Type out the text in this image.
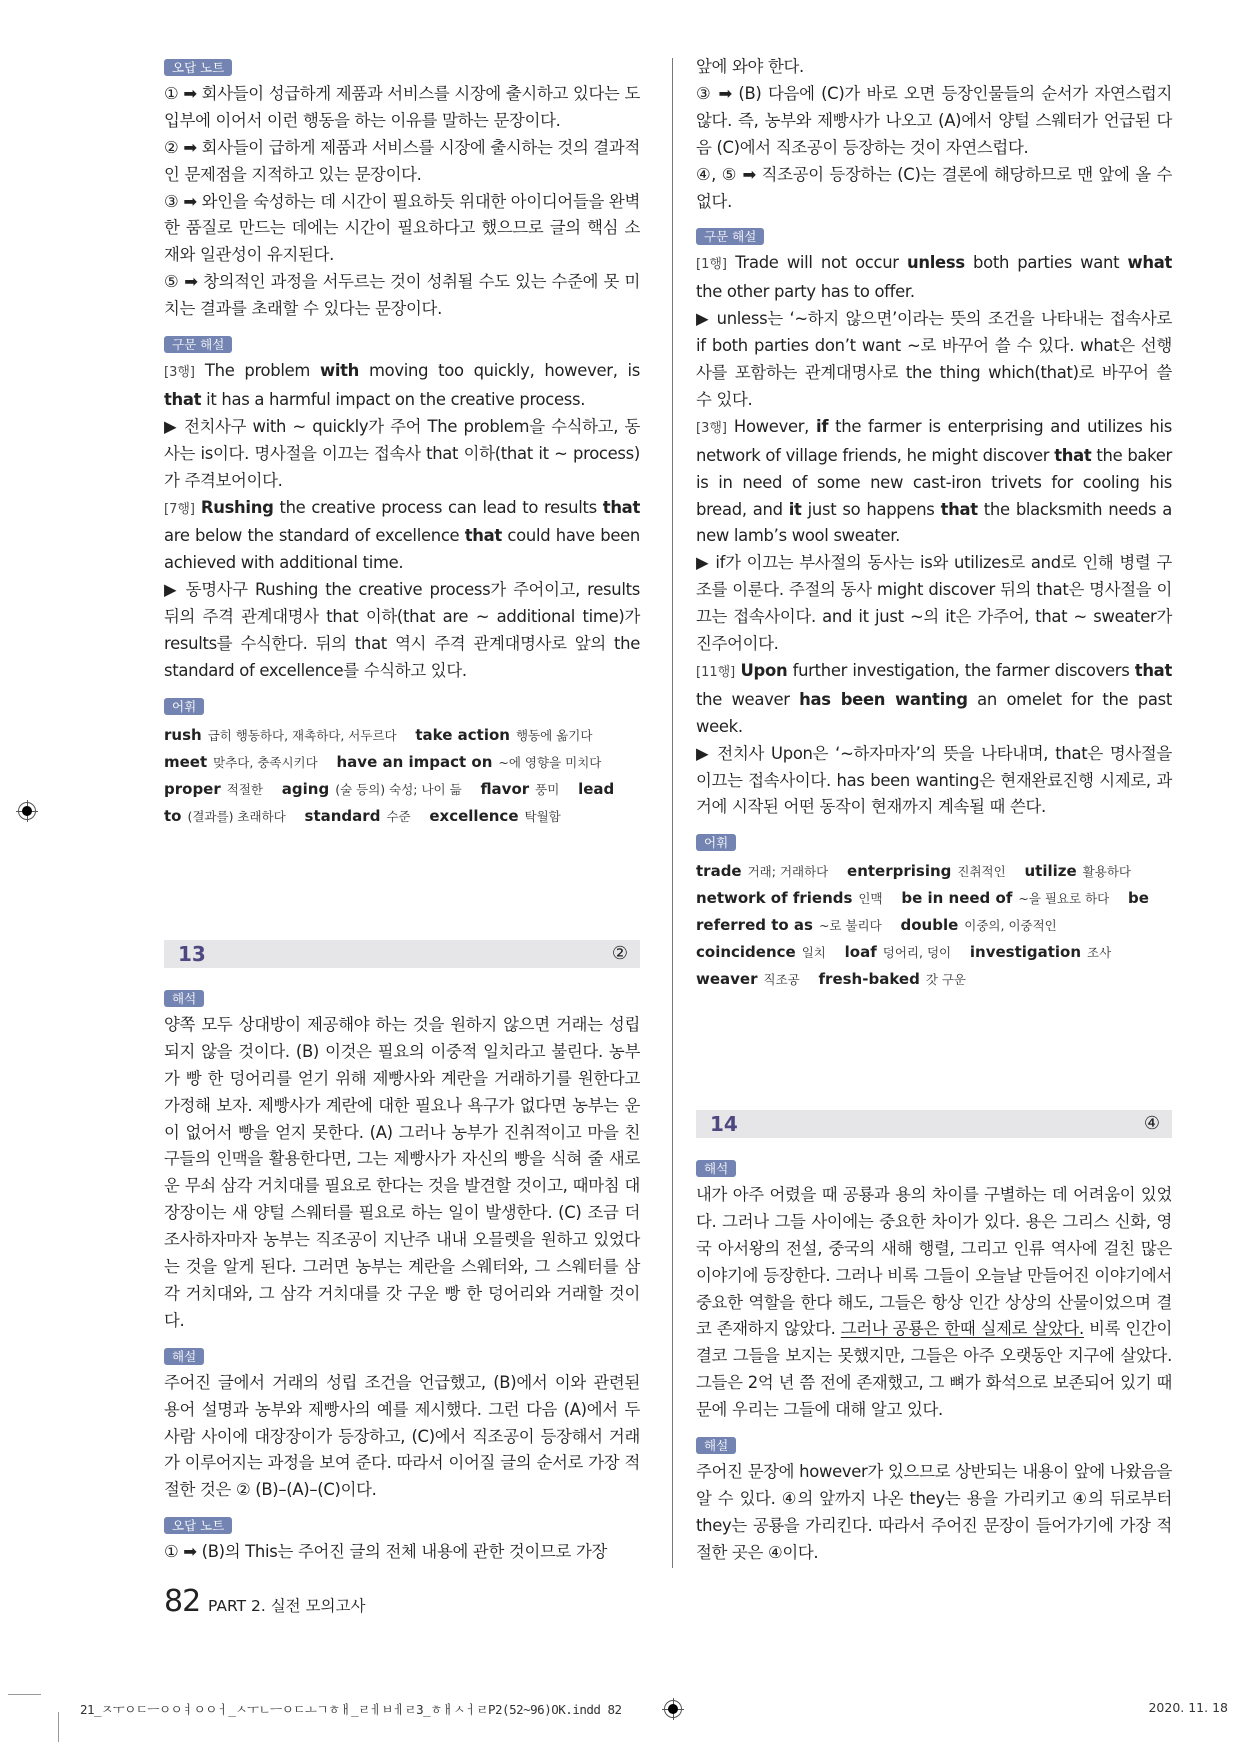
오답 노트

① ➡ 회사들이 성급하게 제품과 서비스를 시장에 출시하고 있다는 도입부에 이어서 이런 행동을 하는 이유를 말하는 문장이다.

② ➡ 회사들이 급하게 제품과 서비스를 시장에 출시하는 것의 결과적인 문제점을 지적하고 있는 문장이다.

③ ➡ 와인을 숙성하는 데 시간이 필요하듯 위대한 아이디어들을 완벽한 품질로 만드는 데에는 시간이 필요하다고 했으므로 글의 핵심 소재와 일관성이 유지된다.

⑤ ➡ 창의적인 과정을 서두르는 것이 성취될 수도 있는 수준에 못 미치는 결과를 초래할 수 있다는 문장이다.

구문 해설

[3행] The problem with moving too quickly, however, is that it has a harmful impact on the creative process.

▶ 전치사구 with ~ quickly가 주어 The problem을 수식하고, 동사는 is이다. 명사절을 이끄는 접속사 that 이하(that it ~ process)가 주격보어이다.

[7행] Rushing the creative process can lead to results that are below the standard of excellence that could have been achieved with additional time.

▶ 동명사구 Rushing the creative process가 주어이고, results 뒤의 주격 관계대명사 that 이하(that are ~ additional time)가 results를 수식한다. 뒤의 that 역시 주격 관계대명사로 앞의 the standard of excellence를 수식하고 있다.

어휘
rush 급히 행동하다, 재촉하다, 서두르다 take action 행동에 옮기다 meet 맞추다, 충족시키다 have an impact on ~에 영향을 미치다 proper 적절한 aging (술 등의) 숙성; 나이 듦 flavor 풍미 lead to (결과를) 초래하다 standard 수준 excellence 탁월함
13	②
해석

양쪽 모두 상대방이 제공해야 하는 것을 원하지 않으면 거래는 성립되지 않을 것이다. (B) 이것은 필요의 이중적 일치라고 불린다. 농부가 빵 한 덩어리를 얻기 위해 제빵사와 계란을 거래하기를 원한다고 가정해 보자. 제빵사가 계란에 대한 필요나 욕구가 없다면 농부는 운이 없어서 빵을 얻지 못한다. (A) 그러나 농부가 진취적이고 마을 친구들의 인맥을 활용한다면, 그는 제빵사가 자신의 빵을 식혀 줄 새로운 무쇠 삼각 거치대를 필요로 한다는 것을 발견할 것이고, 때마침 대장장이는 새 양털 스웨터를 필요로 하는 일이 발생한다. (C) 조금 더 조사하자마자 농부는 직조공이 지난주 내내 오믈렛을 원하고 있었다는 것을 알게 된다. 그러면 농부는 계란을 스웨터와, 그 스웨터를 삼각 거치대와, 그 삼각 거치대를 갓 구운 빵 한 덩어리와 거래할 것이다.

해설

주어진 글에서 거래의 성립 조건을 언급했고, (B)에서 이와 관련된 용어 설명과 농부와 제빵사의 예를 제시했다. 그런 다음 (A)에서 두 사람 사이에 대장장이가 등장하고, (C)에서 직조공이 등장해서 거래가 이루어지는 과정을 보여 준다. 따라서 이어질 글의 순서로 가장 적절한 것은 ② (B)–(A)–(C)이다.

오답 노트

① ➡ (B)의 This는 주어진 글의 전체 내용에 관한 것이므로 가장

앞에 와야 한다.

③ ➡ (B) 다음에 (C)가 바로 오면 등장인물들의 순서가 자연스럽지 않다. 즉, 농부와 제빵사가 나오고 (A)에서 양털 스웨터가 언급된 다음 (C)에서 직조공이 등장하는 것이 자연스럽다.

④, ⑤ ➡ 직조공이 등장하는 (C)는 결론에 해당하므로 맨 앞에 올 수 없다.

구문 해설

[1행] Trade will not occur unless both parties want what the other party has to offer.

▶ unless는 ‘~하지 않으면’이라는 뜻의 조건을 나타내는 접속사로 if both parties don’t want ~로 바꾸어 쓸 수 있다. what은 선행사를 포함하는 관계대명사로 the thing which(that)로 바꾸어 쓸 수 있다.

[3행] However, if the farmer is enterprising and utilizes his network of village friends, he might discover that the baker is in need of some new cast-iron trivets for cooling his bread, and it just so happens that the blacksmith needs a new lamb’s wool sweater.

▶ if가 이끄는 부사절의 동사는 is와 utilizes로 and로 인해 병렬 구조를 이룬다. 주절의 동사 might discover 뒤의 that은 명사절을 이끄는 접속사이다. and it just ~의 it은 가주어, that ~ sweater가 진주어이다.

[11행] Upon further investigation, the farmer discovers that the weaver has been wanting an omelet for the past week.

▶ 전치사 Upon은 ‘~하자마자’의 뜻을 나타내며, that은 명사절을 이끄는 접속사이다. has been wanting은 현재완료진행 시제로, 과거에 시작된 어떤 동작이 현재까지 계속될 때 쓴다.

어휘
trade 거래; 거래하다 enterprising 진취적인 utilize 활용하다 network of friends 인맥 be in need of ~을 필요로 하다 be referred to as ~로 불리다 double 이중의, 이중적인 coincidence 일치 loaf 덩어리, 덩이 investigation 조사 weaver 직조공 fresh-baked 갓 구운
14	④
해석

내가 아주 어렸을 때 공룡과 용의 차이를 구별하는 데 어려움이 있었다. 그러나 그들 사이에는 중요한 차이가 있다. 용은 그리스 신화, 영국 아서왕의 전설, 중국의 새해 행렬, 그리고 인류 역사에 걸친 많은 이야기에 등장한다. 그러나 비록 그들이 오늘날 만들어진 이야기에서 중요한 역할을 한다 해도, 그들은 항상 인간 상상의 산물이었으며 결코 존재하지 않았다. 그러나 공룡은 한때 실제로 살았다. 비록 인간이 결코 그들을 보지는 못했지만, 그들은 아주 오랫동안 지구에 살았다. 그들은 2억 년 쯤 전에 존재했고, 그 뼈가 화석으로 보존되어 있기 때문에 우리는 그들에 대해 알고 있다.

해설

주어진 문장에 however가 있으므로 상반되는 내용이 앞에 나왔음을 알 수 있다. ④의 앞까지 나온 they는 용을 가리키고 ④의 뒤로부터 they는 공룡을 가리킨다. 따라서 주어진 문장이 들어가기에 가장 적절한 곳은 ④이다.

82 PART 2. 실전 모의고사
21_ㅈㅜㅇㄷㅡㅇㅇㅕㅇㅇㅓ_ㅅㅜㄴㅡㅇㄷㅗㄱㅎㅐ_ㄹㅔㅂㅔㄹ3_ㅎㅐㅅㅓㄹP2(52~96)OK.indd 82	2020. 11. 18
